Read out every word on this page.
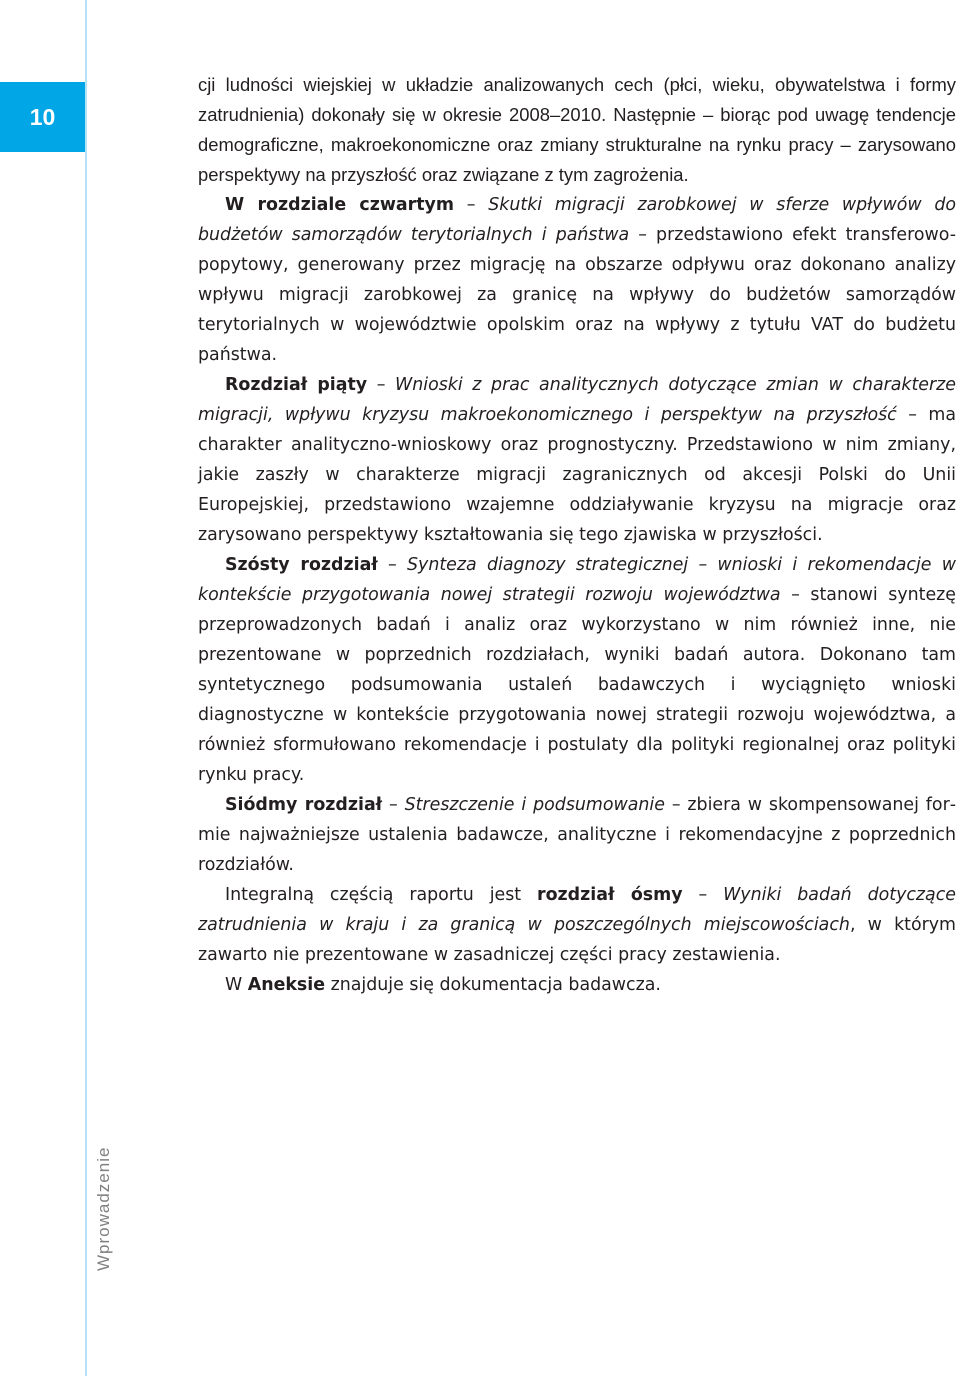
10
Wprowadzenie

cji ludności wiejskiej w układzie analizowanych cech (płci, wieku, obywatelstwa i formy zatrudnienia) dokonały się w okresie 2008–2010. Następnie – biorąc pod uwagę tendencje demograficzne, makroekonomiczne oraz zmiany strukturalne na rynku pracy – zarysowano perspektywy na przyszłość oraz związane z tym zagrożenia.

W rozdziale czwartym – Skutki migracji zarobkowej w sferze wpływów do budżetów samorządów terytorialnych i państwa – przedstawiono efekt transferowo-popytowy, generowany przez migrację na obszarze odpływu oraz dokonano analizy wpływu migracji zarobkowej za granicę na wpływy do budżetów samorządów terytorialnych w województwie opolskim oraz na wpływy z tytułu VAT do budżetu państwa.

Rozdział piąty – Wnioski z prac analitycznych dotyczące zmian w charakterze migracji, wpływu kryzysu makroekonomicznego i perspektyw na przyszłość – ma charakter analityczno-wnioskowy oraz prognostyczny. Przedstawiono w nim zmiany, jakie zaszły w charakterze migracji zagranicznych od akcesji Polski do Unii Europejskiej, przedstawiono wzajemne oddziaływanie kryzysu na migracje oraz zarysowano perspektywy kształtowania się tego zjawiska w przyszłości.

Szósty rozdział – Synteza diagnozy strategicznej – wnioski i rekomendacje w kontekście przygotowania nowej strategii rozwoju województwa – stanowi syntezę przeprowadzonych badań i analiz oraz wykorzystano w nim również inne, nie prezentowane w poprzednich rozdziałach, wyniki badań autora. Dokonano tam syntetycznego podsumowania ustaleń badawczych i wyciągnięto wnioski diagnostyczne w kontekście przygotowania nowej strategii rozwoju województwa, a również sformułowano rekomendacje i postulaty dla polityki regionalnej oraz polityki rynku pracy.

Siódmy rozdział – Streszczenie i podsumowanie – zbiera w skompensowanej formie najważniejsze ustalenia badawcze, analityczne i rekomendacyjne z poprzednich rozdziałów.

Integralną częścią raportu jest rozdział ósmy – Wyniki badań dotyczące zatrudnienia w kraju i za granicą w poszczególnych miejscowościach, w którym zawarto nie prezentowane w zasadniczej części pracy zestawienia.

W Aneksie znajduje się dokumentacja badawcza.
